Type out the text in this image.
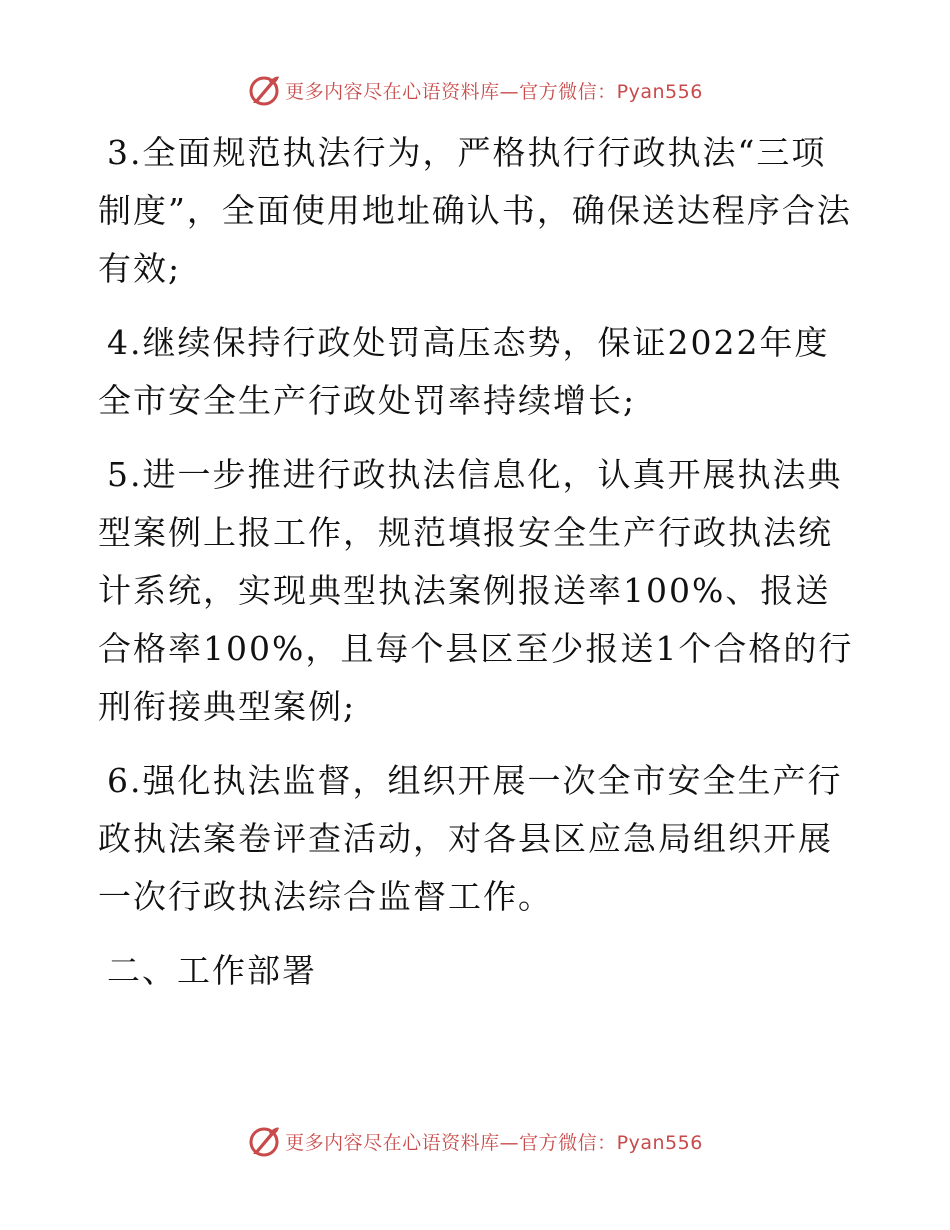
更多内容尽在心语资料库—官方微信：Pyan556

3.全面规范执法行为，严格执行行政执法“三项制度”，全面使用地址确认书，确保送达程序合法有效;

4.继续保持行政处罚高压态势，保证2022年度全市安全生产行政处罚率持续增长;

5.进一步推进行政执法信息化，认真开展执法典型案例上报工作，规范填报安全生产行政执法统计系统，实现典型执法案例报送率100%、报送合格率100%，且每个县区至少报送1个合格的行刑衔接典型案例;

6.强化执法监督，组织开展一次全市安全生产行政执法案卷评查活动，对各县区应急局组织开展一次行政执法综合监督工作。

二、工作部署

更多内容尽在心语资料库—官方微信：Pyan556
